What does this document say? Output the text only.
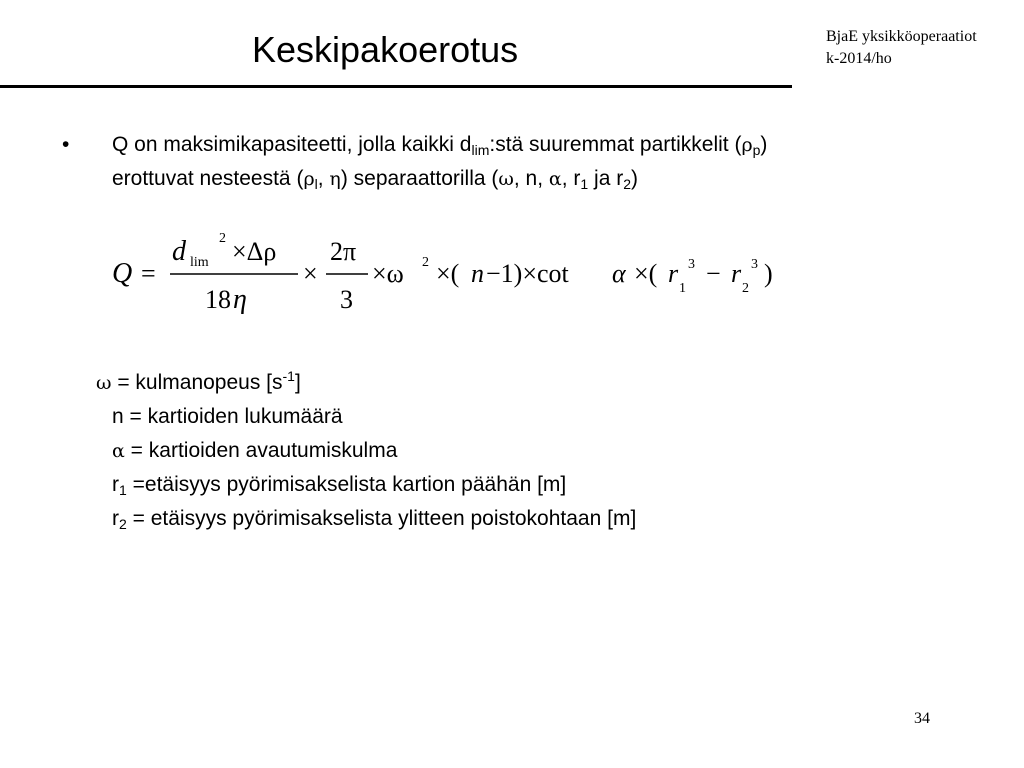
Keskipakoerotus	BjaE yksikköoperaatiot
k-2014/ho
• Q on maksimikapasiteetti, jolla kaikki $d_{lim}:stä$ suuremmat partikkelit $(\rho_p)$
erottuvat nesteestä ($\rho_l$, η) separaattorilla (ω, n, α, $r_1$ ja $r_2$)
Q =
d lim
2 ×Δρ
18 η
×
2π
3
×ω 2 ×( n −1)×cot α ×( r
1
3 − r
2
3 )
ω = kulmanopeus $[s^{-1}]$
n = kartioiden lukumäärä
α = kartioiden avautumiskulma
$r_1$ =etäisyys pyörimisakselista kartion päähän [m]
$r_2$ = etäisyys pyörimisakselista ylitteen poistokohtaan [m]
34
